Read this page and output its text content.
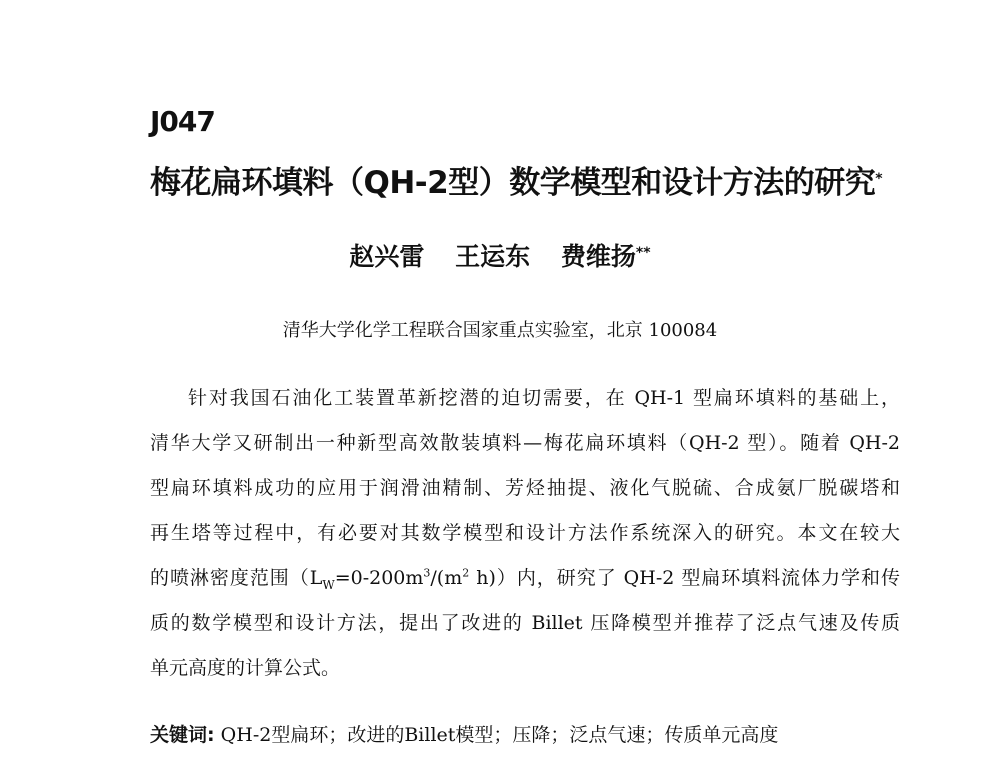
J047
梅花扁环填料（QH-2型）数学模型和设计方法的研究*
赵兴雷 王运东 费维扬**
清华大学化学工程联合国家重点实验室，北京 100084
针对我国石油化工装置革新挖潜的迫切需要，在 QH-1 型扁环填料的基础上，
清华大学又研制出一种新型高效散装填料—梅花扁环填料（QH-2 型）。随着 QH-2
型扁环填料成功的应用于润滑油精制、芳烃抽提、液化气脱硫、合成氨厂脱碳塔和
再生塔等过程中，有必要对其数学模型和设计方法作系统深入的研究。本文在较大
的喷淋密度范围（$L_W=0-200m^3/(m^2$ h)）内，研究了 QH-2 型扁环填料流体力学和传
质的数学模型和设计方法，提出了改进的 Billet 压降模型并推荐了泛点气速及传质
单元高度的计算公式。
关键词: QH-2型扁环；改进的Billet模型；压降；泛点气速；传质单元高度
